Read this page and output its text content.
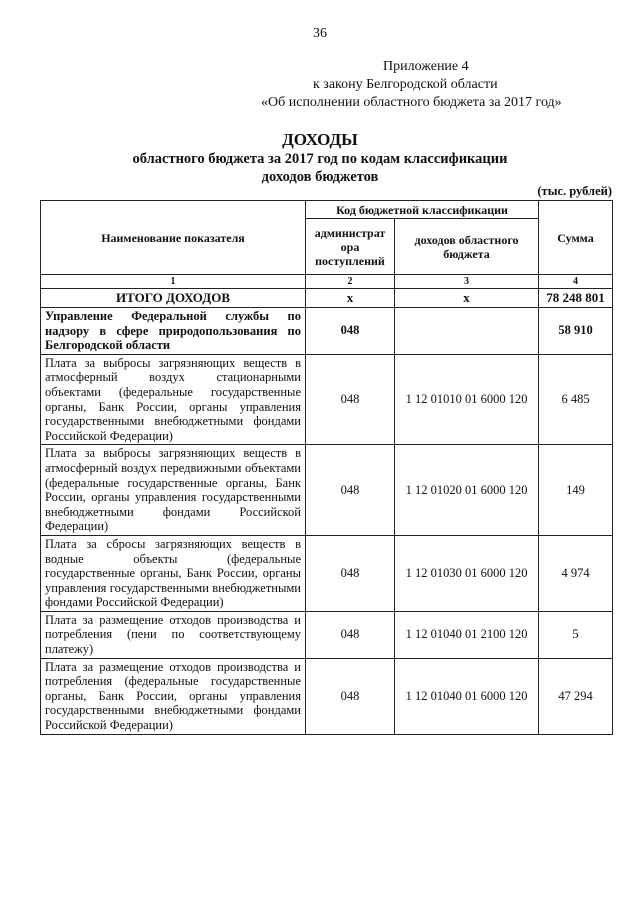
36
Приложение 4
к закону Белгородской области
«Об исполнении областного бюджета за 2017 год»
ДОХОДЫ
областного бюджета за 2017 год по кодам классификации
доходов бюджетов
(тыс. рублей)
Наименование показателя	Код бюджетной классификации		Сумма
	администрат ора поступлений	доходов областного бюджета	
1	2	3	4
ИТОГО ДОХОДОВ	x	x	78 248 801
Управление Федеральной службы по надзору в сфере природопользования по Белгородской области	048		58 910
Плата за выбросы загрязняющих веществ в атмосферный воздух стационарными объектами (федеральные государственные органы, Банк России, органы управления государственными внебюджетными фондами Российской Федерации)	048	1 12 01010 01 6000 120	6 485
Плата за выбросы загрязняющих веществ в атмосферный воздух передвижными объектами (федеральные государственные органы, Банк России, органы управления государственными внебюджетными фондами Российской Федерации)	048	1 12 01020 01 6000 120	149
Плата за сбросы загрязняющих веществ в водные объекты (федеральные государственные органы, Банк России, органы управления государственными внебюджетными фондами Российской Федерации)	048	1 12 01030 01 6000 120	4 974
Плата за размещение отходов производства и потребления (пени по соответствующему платежу)	048	1 12 01040 01 2100 120	5
Плата за размещение отходов производства и потребления (федеральные государственные органы, Банк России, органы управления государственными внебюджетными фондами Российской Федерации)	048	1 12 01040 01 6000 120	47 294
